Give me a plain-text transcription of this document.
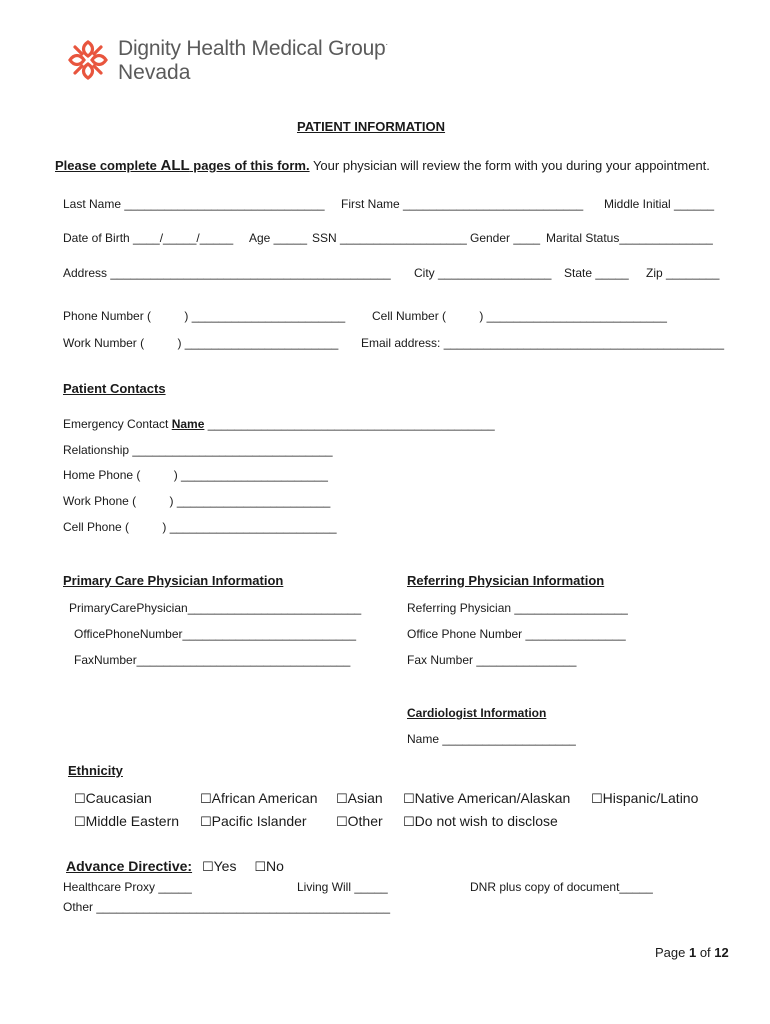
Dignity Health Medical Group.
Nevada
PATIENT INFORMATION
Please complete ALL pages of this form. Your physician will review the form with you during your appointment.
Last Name ______________________________ First Name ___________________________ Middle Initial ______
Date of Birth ____/_____/_____ Age _____ SSN ___________________ Gender ____ Marital Status______________
Address __________________________________________ City _________________ State _____ Zip ________
Phone Number (          ) _______________________ Cell Number (          ) ___________________________
Work Number (          ) _______________________ Email address: __________________________________________
Patient Contacts
Emergency Contact Name ___________________________________________
Relationship ______________________________
Home Phone (          ) ______________________
Work Phone (          ) _______________________
Cell Phone (          ) _________________________
Primary Care Physician Information
PrimaryCarePhysician__________________________
OfficePhoneNumber__________________________
FaxNumber________________________________
Referring Physician Information
Referring Physician _________________
Office Phone Number _______________
Fax Number _______________
Cardiologist Information
Name ____________________
Ethnicity
☐Caucasian	☐African American ☐Asian ☐Native American/Alaskan ☐Hispanic/Latino
☐Middle Eastern ☐Pacific Islander ☐Other ☐Do not wish to disclose
Advance Directive: ☐Yes ☐No
Healthcare Proxy _____	Living Will _____	DNR plus copy of document_____
Other ____________________________________________
Page 1 of 12
